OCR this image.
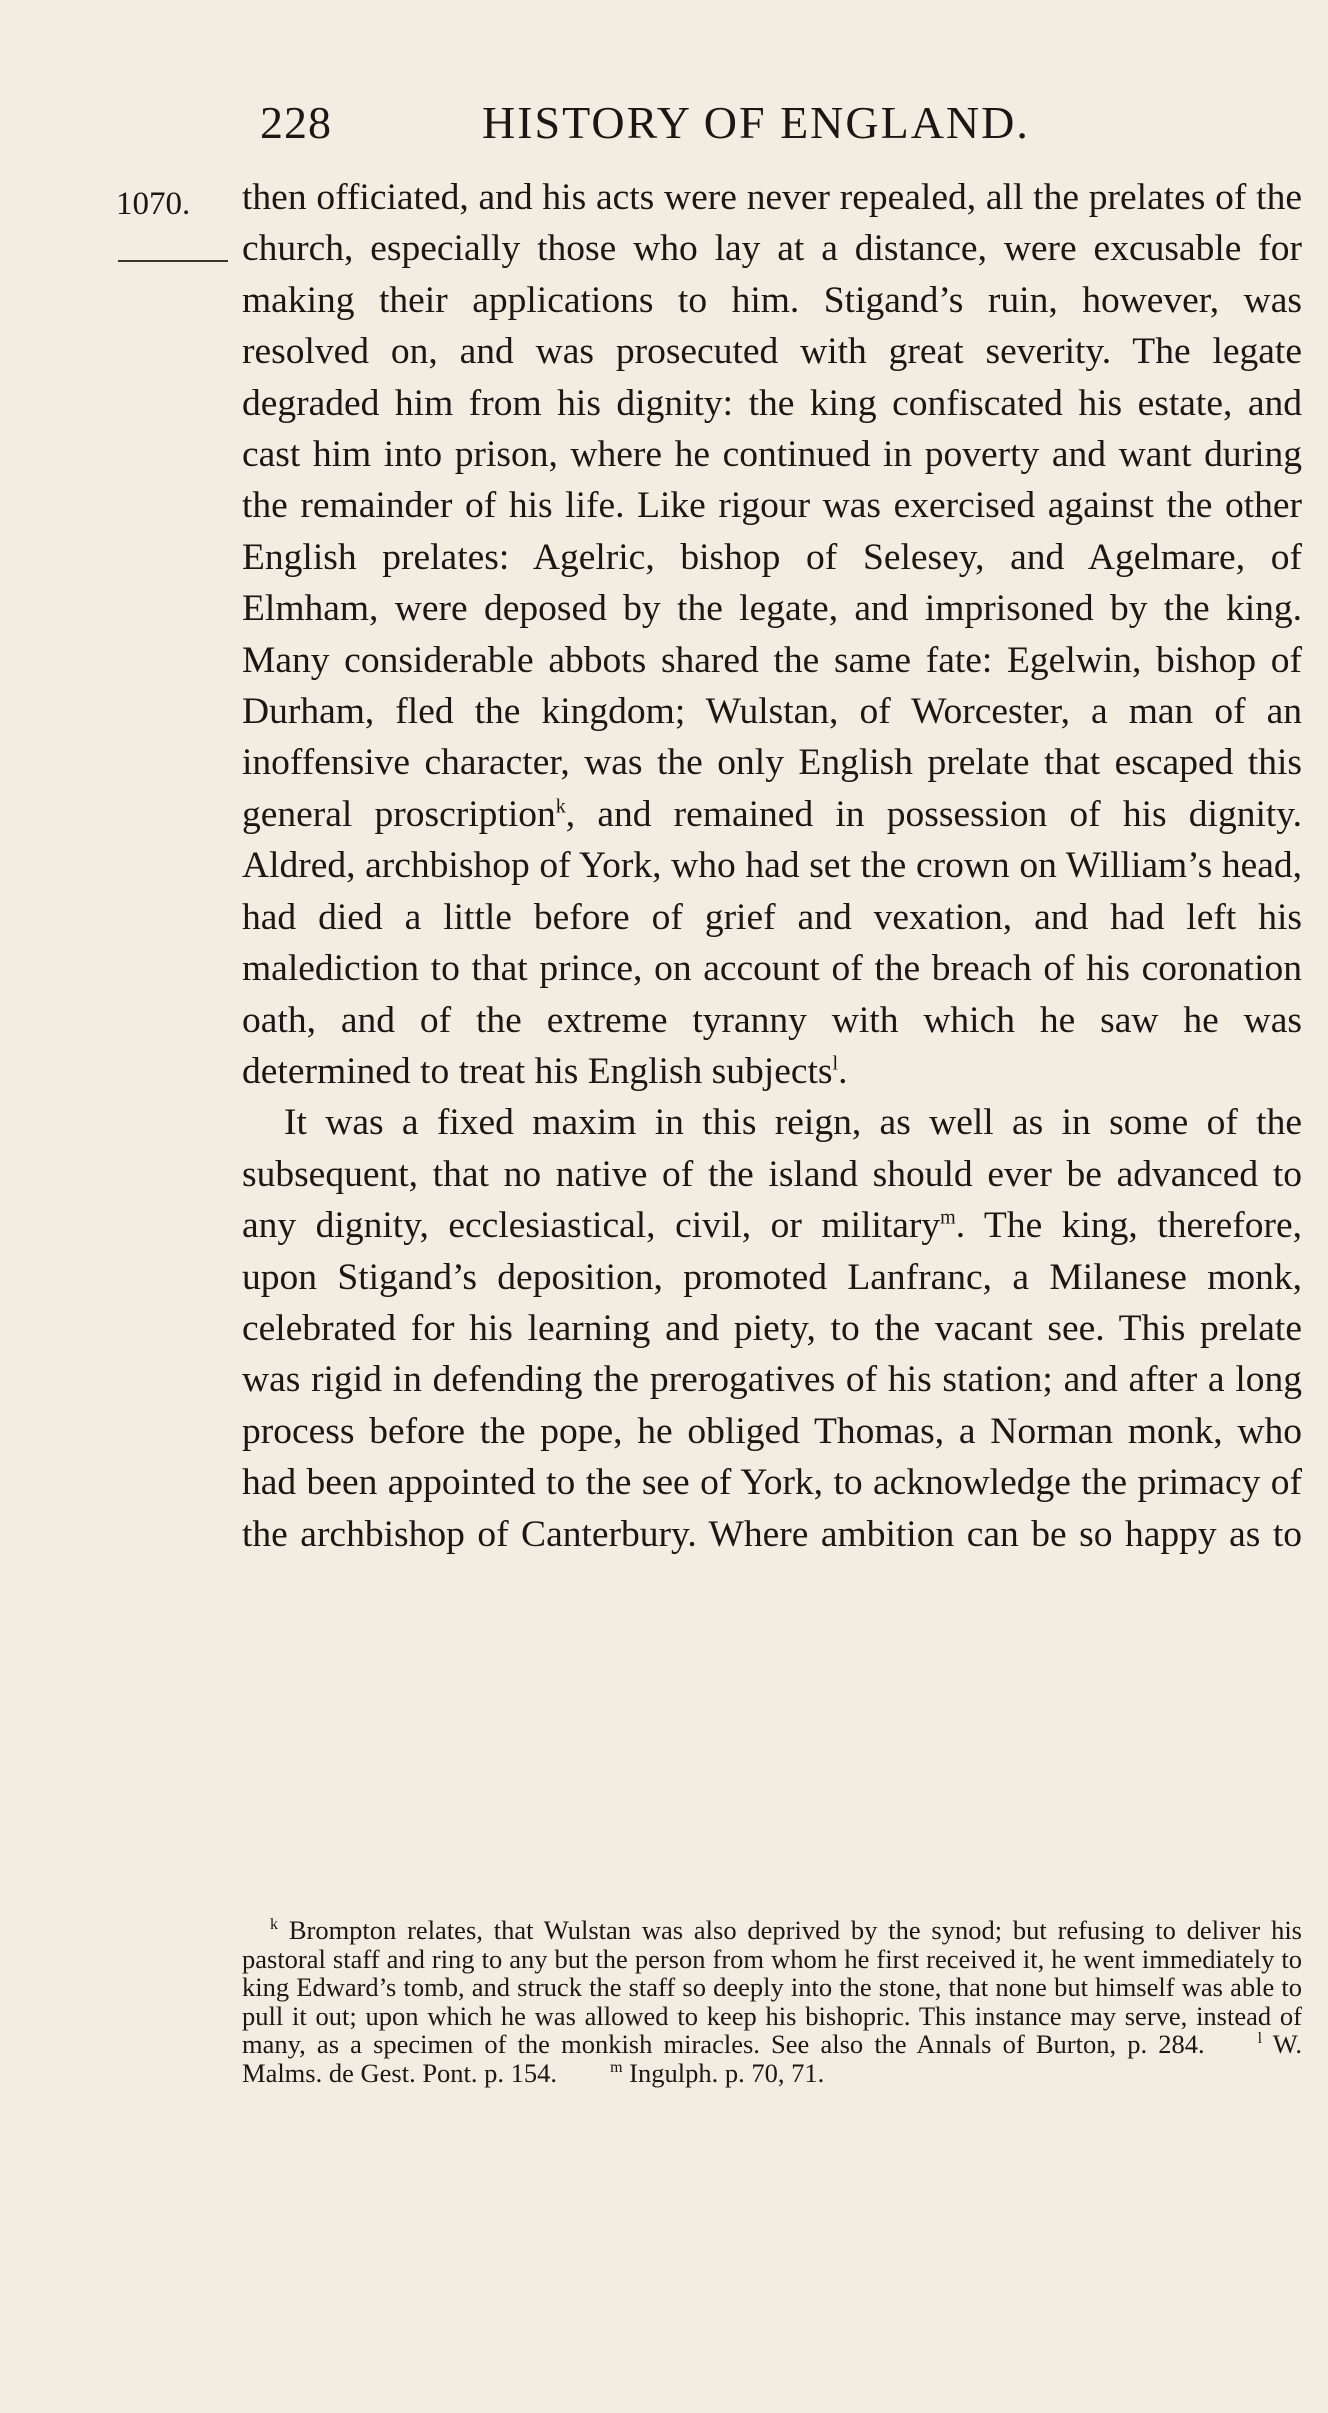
228	HISTORY OF ENGLAND.
1070. then officiated, and his acts were never repealed, all the prelates of the church, especially those who lay at a distance, were excusable for making their applications to him. Stigand’s ruin, however, was resolved on, and was prosecuted with great severity. The legate degraded him from his dignity: the king confiscated his estate, and cast him into prison, where he continued in poverty and want during the remainder of his life. Like rigour was exercised against the other English prelates: Agelric, bishop of Selesey, and Agelmare, of Elmham, were deposed by the legate, and imprisoned by the king. Many considerable abbots shared the same fate: Egelwin, bishop of Durham, fled the kingdom; Wulstan, of Worcester, a man of an inoffensive character, was the only English prelate that escaped this general proscription$^k$, and remained in possession of his dignity. Aldred, archbishop of York, who had set the crown on William’s head, had died a little before of grief and vexation, and had left his malediction to that prince, on account of the breach of his coronation oath, and of the extreme tyranny with which he saw he was determined to treat his English subjects$^l$.

It was a fixed maxim in this reign, as well as in some of the subsequent, that no native of the island should ever be advanced to any dignity, ecclesiastical, civil, or military$^m$. The king, therefore, upon Stigand’s deposition, promoted Lanfranc, a Milanese monk, celebrated for his learning and piety, to the vacant see. This prelate was rigid in defending the prerogatives of his station; and after a long process before the pope, he obliged Thomas, a Norman monk, who had been appointed to the see of York, to acknowledge the primacy of the archbishop of Canterbury. Where ambition can be so happy as to

$^k$ Brompton relates, that Wulstan was also deprived by the synod; but refusing to deliver his pastoral staff and ring to any but the person from whom he first received it, he went immediately to king Edward’s tomb, and struck the staff so deeply into the stone, that none but himself was able to pull it out; upon which he was allowed to keep his bishopric. This instance may serve, instead of many, as a specimen of the monkish miracles. See also the Annals of Burton, p. 284.  	$^l$ W. Malms. de Gest. Pont. p. 154.  	$^m$ Ingulph. p. 70, 71.
